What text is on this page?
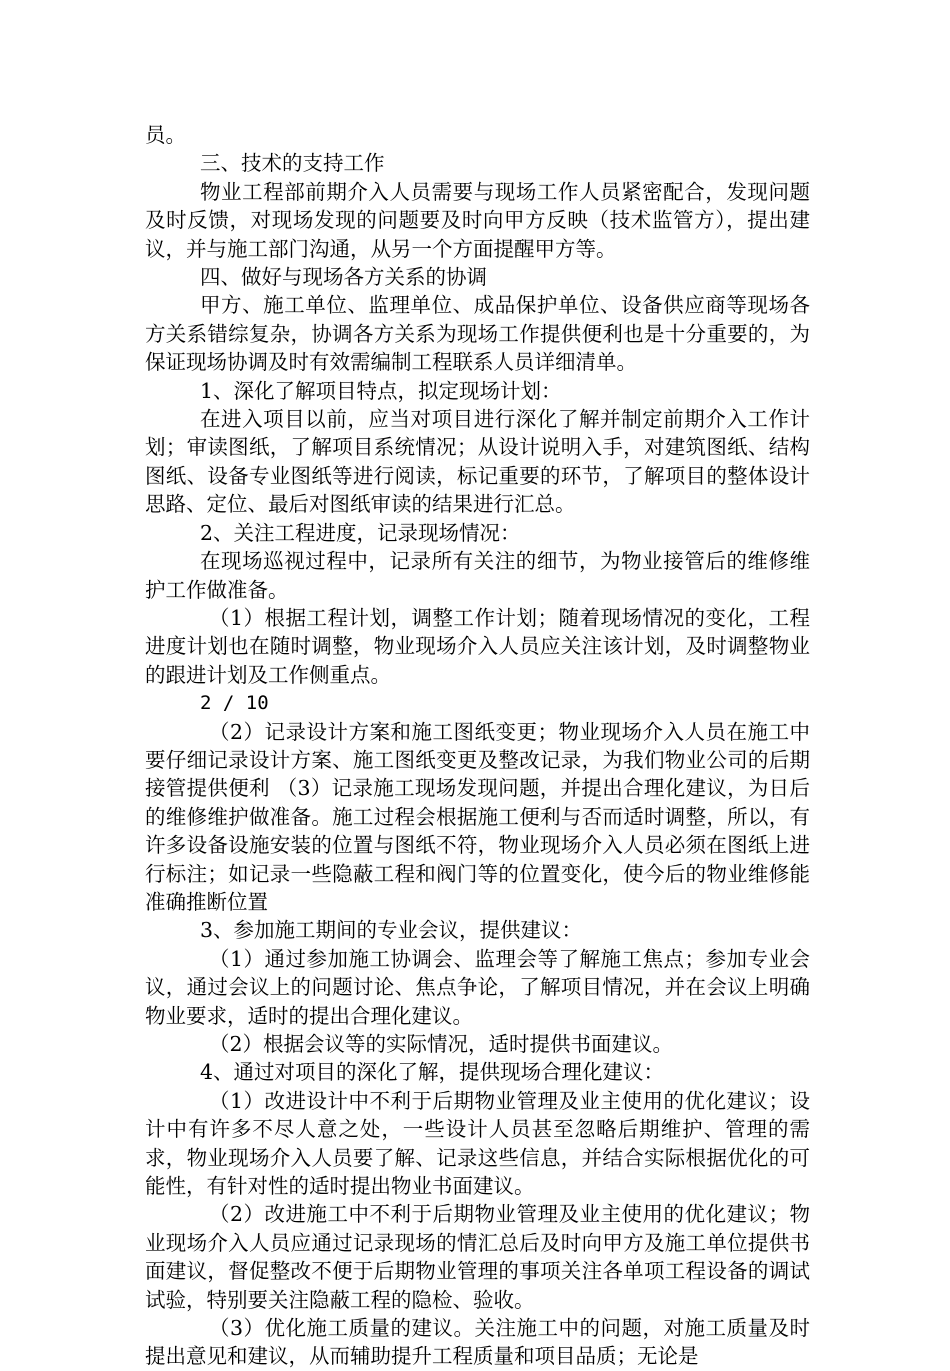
员。

三、技术的支持工作

物业工程部前期介入人员需要与现场工作人员紧密配合，发现问题及时反馈，对现场发现的问题要及时向甲方反映（技术监管方），提出建议，并与施工部门沟通，从另一个方面提醒甲方等。

四、做好与现场各方关系的协调

甲方、施工单位、监理单位、成品保护单位、设备供应商等现场各方关系错综复杂，协调各方关系为现场工作提供便利也是十分重要的，为保证现场协调及时有效需编制工程联系人员详细清单。

1、深化了解项目特点，拟定现场计划：

在进入项目以前，应当对项目进行深化了解并制定前期介入工作计划；审读图纸，了解项目系统情况；从设计说明入手，对建筑图纸、结构图纸、设备专业图纸等进行阅读，标记重要的环节，了解项目的整体设计思路、定位、最后对图纸审读的结果进行汇总。

2、关注工程进度，记录现场情况：

在现场巡视过程中，记录所有关注的细节，为物业接管后的维修维护工作做准备。

（1）根据工程计划，调整工作计划；随着现场情况的变化，工程进度计划也在随时调整，物业现场介入人员应关注该计划，及时调整物业的跟进计划及工作侧重点。

2 / 10

（2）记录设计方案和施工图纸变更；物业现场介入人员在施工中要仔细记录设计方案、施工图纸变更及整改记录，为我们物业公司的后期接管提供便利 （3）记录施工现场发现问题，并提出合理化建议，为日后的维修维护做准备。施工过程会根据施工便利与否而适时调整，所以，有许多设备设施安装的位置与图纸不符，物业现场介入人员必须在图纸上进行标注；如记录一些隐蔽工程和阀门等的位置变化，使今后的物业维修能准确推断位置

3、参加施工期间的专业会议，提供建议：

（1）通过参加施工协调会、监理会等了解施工焦点；参加专业会议，通过会议上的问题讨论、焦点争论，了解项目情况，并在会议上明确物业要求，适时的提出合理化建议。

（2）根据会议等的实际情况，适时提供书面建议。

4、通过对项目的深化了解，提供现场合理化建议：

（1）改进设计中不利于后期物业管理及业主使用的优化建议；设计中有许多不尽人意之处，一些设计人员甚至忽略后期维护、管理的需求，物业现场介入人员要了解、记录这些信息，并结合实际根据优化的可能性，有针对性的适时提出物业书面建议。

（2）改进施工中不利于后期物业管理及业主使用的优化建议；物业现场介入人员应通过记录现场的情汇总后及时向甲方及施工单位提供书面建议，督促整改不便于后期物业管理的事项关注各单项工程设备的调试试验，特别要关注隐蔽工程的隐检、验收。

（3）优化施工质量的建议。关注施工中的问题，对施工质量及时提出意见和建议，从而辅助提升工程质量和项目品质；无论是
